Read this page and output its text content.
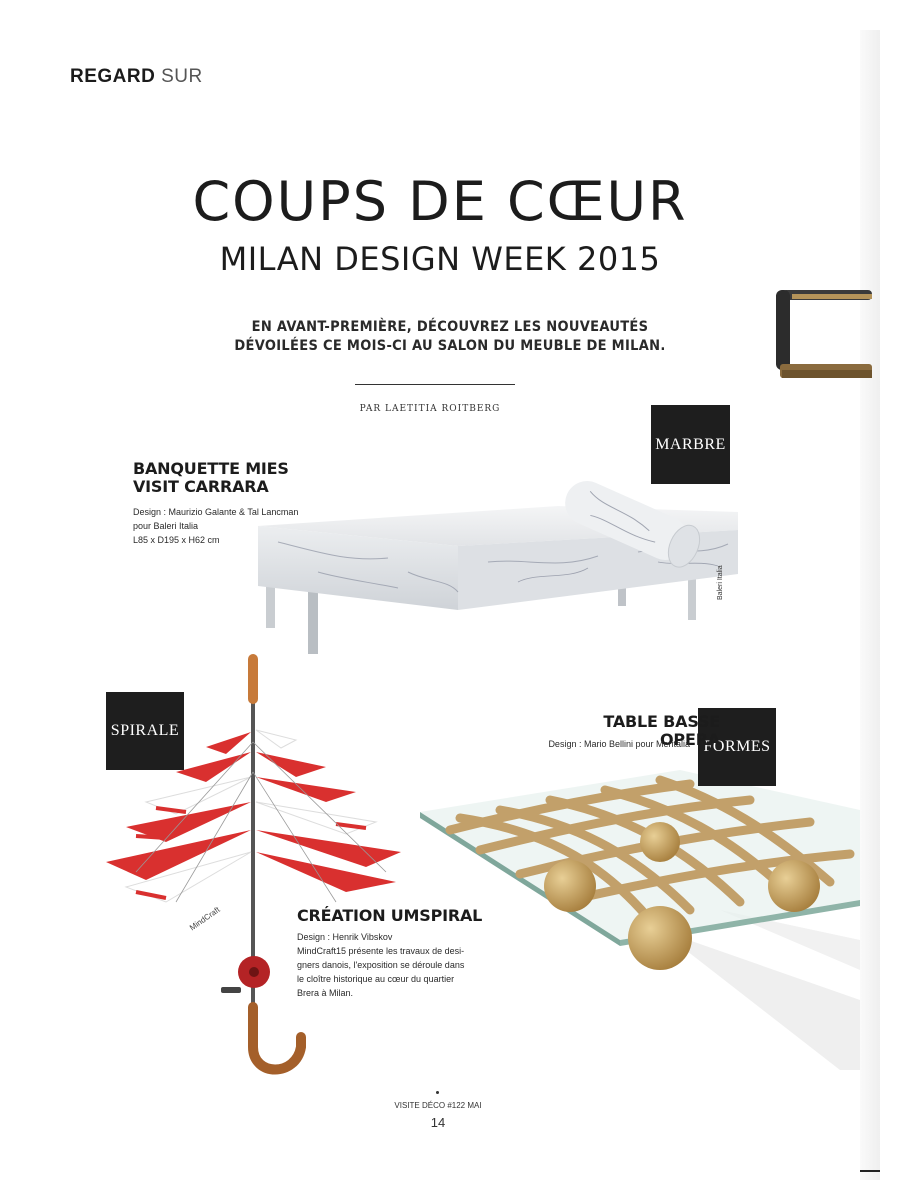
REGARD SUR
COUPS DE CŒUR
MILAN DESIGN WEEK 2015
EN AVANT-PREMIÈRE, DÉCOUVREZ LES NOUVEAUTÉS
DÉVOILÉES CE MOIS-CI AU SALON DU MEUBLE DE MILAN.
PAR LAETITIA ROITBERG
Baleri Italia
MARBRE
SPIRALE
BANQUETTE MIES
VISIT CARRARA
Design : Maurizio Galante & Tal Lancman
pour Baleri Italia
L85 x D195 x H62 cm
FORMES
TABLE BASSE OPERA
Design : Mario Bellini pour Meritalia
MindCraft	CRÉATION UMSPIRAL
Design : Henrik Vibskov
MindCraft15 présente les travaux de desi-
gners danois, l'exposition se déroule dans
le cloître historique au cœur du quartier
Brera à Milan.
VISITE DÉCO #122 MAI
14
